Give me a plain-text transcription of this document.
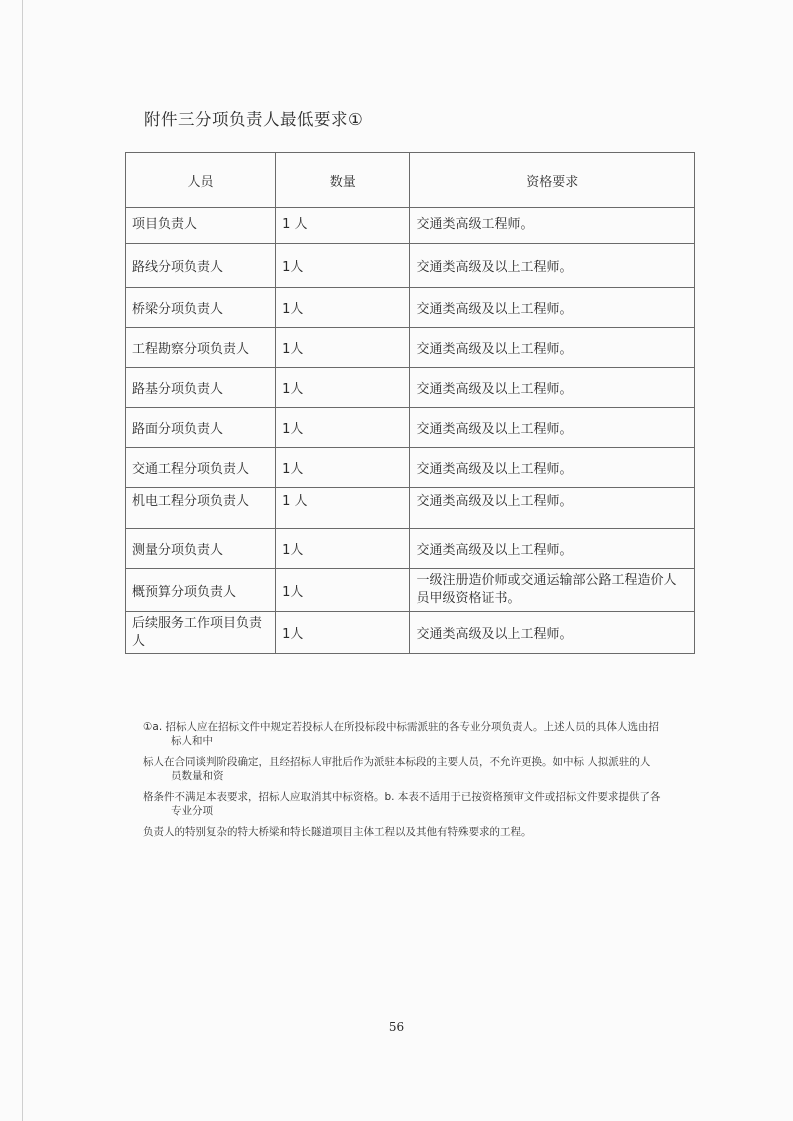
附件三分项负责人最低要求①
人员	数量	资格要求
项目负责人	1 人	交通类高级工程师。
路线分项负责人	1人	交通类高级及以上工程师。
桥梁分项负责人	1人	交通类高级及以上工程师。
工程勘察分项负责人	1人	交通类高级及以上工程师。
路基分项负责人	1人	交通类高级及以上工程师。
路面分项负责人	1人	交通类高级及以上工程师。
交通工程分项负责人	1人	交通类高级及以上工程师。
机电工程分项负责人	1 人	交通类高级及以上工程师。
测量分项负责人	1人	交通类高级及以上工程师。
概预算分项负责人	1人	一级注册造价师或交通运输部公路工程造价人员甲级资格证书。
后续服务工作项目负责人	1人	交通类高级及以上工程师。
①a. 招标人应在招标文件中规定若投标人在所投标段中标需派驻的各专业分项负责人。上述人员的具体人选由招
标人和中
标人在合同谈判阶段确定，且经招标人审批后作为派驻本标段的主要人员，不允许更换。如中标 人拟派驻的人
员数量和资
格条件不满足本表要求，招标人应取消其中标资格。b. 本表不适用于已按资格预审文件或招标文件要求提供了各
专业分项
负责人的特别复杂的特大桥梁和特长隧道项目主体工程以及其他有特殊要求的工程。
56
